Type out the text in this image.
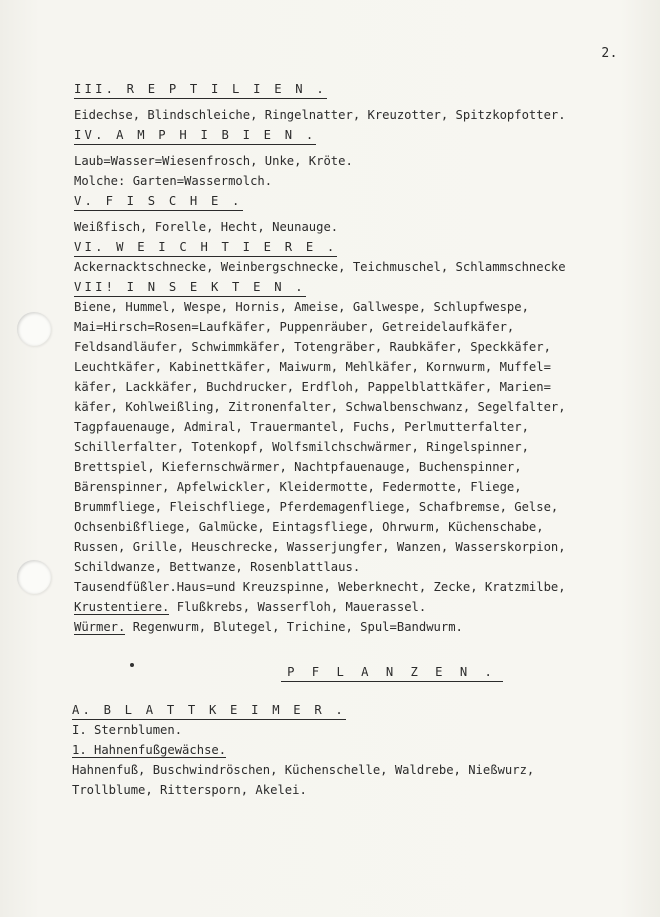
2.
III. R E P T I L I E N .
Eidechse, Blindschleiche, Ringelnatter, Kreuzotter, Spitzkopfotter.
IV. A M P H I B I E N .
Laub=Wasser=Wiesenfrosch, Unke, Kröte.
Molche: Garten=Wassermolch.
V. F I S C H E .
Weißfisch, Forelle, Hecht, Neunauge.
VI. W E I C H T I E R E .
Ackernacktschnecke, Weinbergschnecke, Teichmuschel, Schlammschnecke
VII! I N S E K T E N .
Biene, Hummel, Wespe, Hornis, Ameise, Gallwespe, Schlupfwespe,
Mai=Hirsch=Rosen=Laufkäfer, Puppenräuber, Getreidelaufkäfer,
Feldsandläufer, Schwimmkäfer, Totengräber, Raubkäfer, Speckkäfer,
Leuchtkäfer, Kabinettkäfer, Maiwurm, Mehlkäfer, Kornwurm, Muffel=
käfer, Lackkäfer, Buchdrucker, Erdfloh, Pappelblattkäfer, Marien=
käfer, Kohlweißling, Zitronenfalter, Schwalbenschwanz, Segelfalter,
Tagpfauenauge, Admiral, Trauermantel, Fuchs, Perlmutterfalter,
Schillerfalter, Totenkopf, Wolfsmilchschwärmer, Ringelspinner,
Brettspiel, Kiefernschwärmer, Nachtpfauenauge, Buchenspinner,
Bärenspinner, Apfelwickler, Kleidermotte, Federmotte, Fliege,
Brummfliege, Fleischfliege, Pferdemagenfliege, Schafbremse, Gelse,
Ochsenbißfliege, Galmücke, Eintagsfliege, Ohrwurm, Küchenschabe,
Russen, Grille, Heuschrecke, Wasserjungfer, Wanzen, Wasserskorpion,
Schildwanze, Bettwanze, Rosenblattlaus.
Tausendfüßler.Haus=und Kreuzspinne, Weberknecht, Zecke, Kratzmilbe,
Krustentiere. Flußkrebs, Wasserfloh, Mauerassel.
Würmer. Regenwurm, Blutegel, Trichine, Spul=Bandwurm.
P F L A N Z E N .
A. B L A T T K E I M E R .
I. Sternblumen.
1. Hahnenfußgewächse.
Hahnenfuß, Buschwindröschen, Küchenschelle, Waldrebe, Nießwurz,
Trollblume, Rittersporn, Akelei.
